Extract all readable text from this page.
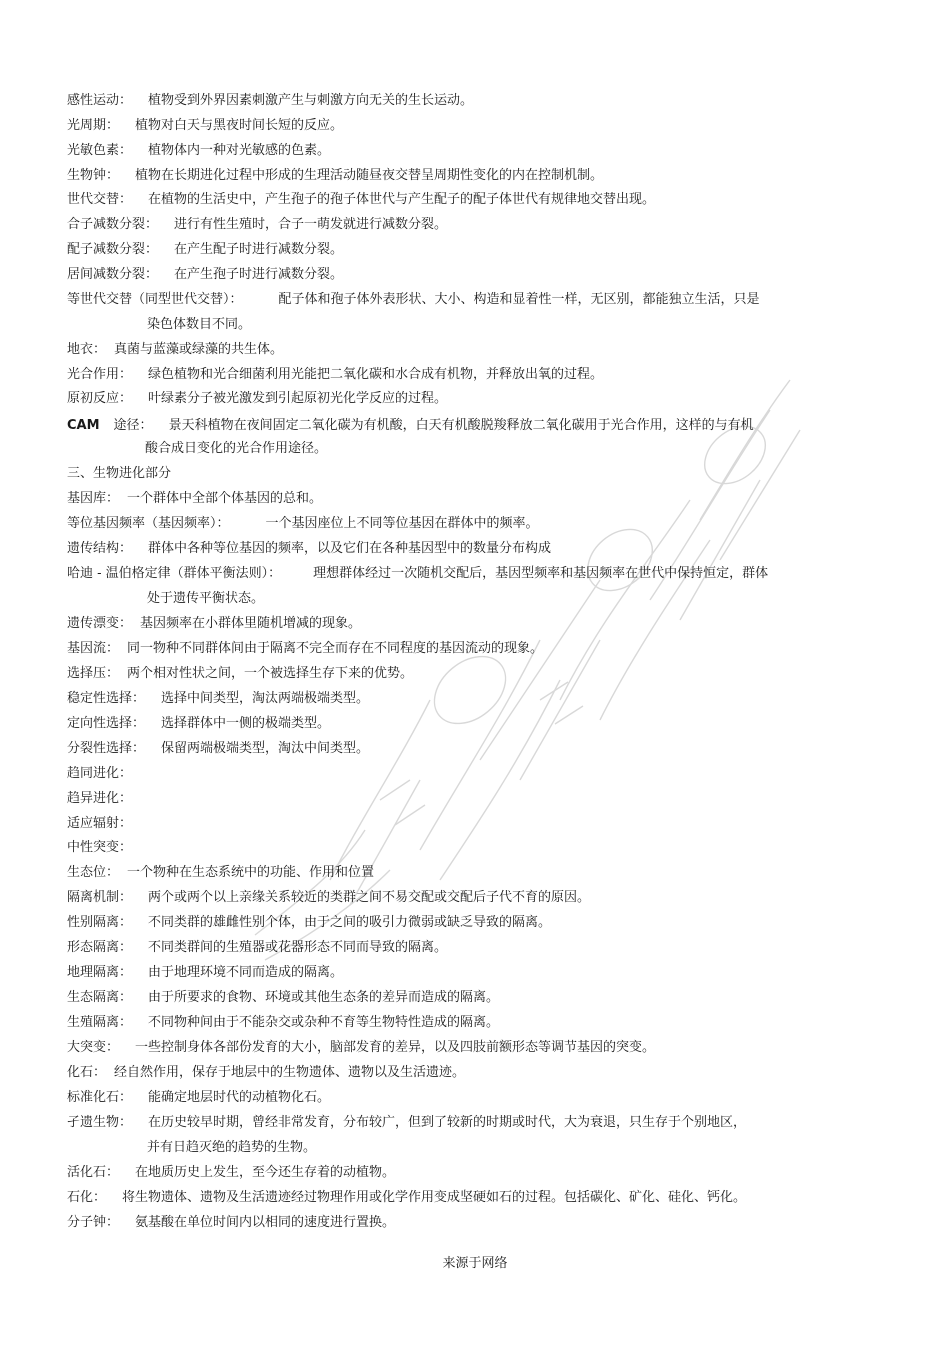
感性运动： 植物受到外界因素刺激产生与刺激方向无关的生长运动。
光周期： 植物对白天与黑夜时间长短的反应。
光敏色素： 植物体内一种对光敏感的色素。
生物钟： 植物在长期进化过程中形成的生理活动随昼夜交替呈周期性变化的内在控制机制。
世代交替： 在植物的生活史中，产生孢子的孢子体世代与产生配子的配子体世代有规律地交替出现。
合子减数分裂： 进行有性生殖时，合子一萌发就进行减数分裂。
配子减数分裂： 在产生配子时进行减数分裂。
居间减数分裂： 在产生孢子时进行减数分裂。
等世代交替（同型世代交替）：	配子体和孢子体外表形状、大小、构造和显着性一样，无区别，都能独立生活，只是
染色体数目不同。
地衣： 真菌与蓝藻或绿藻的共生体。
光合作用： 绿色植物和光合细菌利用光能把二氧化碳和水合成有机物，并释放出氧的过程。
原初反应： 叶绿素分子被光激发到引起原初光化学反应的过程。
CAM 途径： 景天科植物在夜间固定二氧化碳为有机酸，白天有机酸脱羧释放二氧化碳用于光合作用，这样的与有机
酸合成日变化的光合作用途径。
三、生物进化部分
基因库： 一个群体中全部个体基因的总和。
等位基因频率（基因频率）：	一个基因座位上不同等位基因在群体中的频率。
遗传结构： 群体中各种等位基因的频率，以及它们在各种基因型中的数量分布构成
哈迪 - 温伯格定律（群体平衡法则）： 理想群体经过一次随机交配后，基因型频率和基因频率在世代中保持恒定，群体
处于遗传平衡状态。
遗传漂变： 基因频率在小群体里随机增减的现象。
基因流： 同一物种不同群体间由于隔离不完全而存在不同程度的基因流动的现象。
选择压： 两个相对性状之间，一个被选择生存下来的优势。
稳定性选择： 选择中间类型，淘汰两端极端类型。
定向性选择： 选择群体中一侧的极端类型。
分裂性选择： 保留两端极端类型，淘汰中间类型。
趋同进化：
趋异进化：
适应辐射：
中性突变：
生态位： 一个物种在生态系统中的功能、作用和位置
隔离机制： 两个或两个以上亲缘关系较近的类群之间不易交配或交配后子代不育的原因。
性别隔离： 不同类群的雄雌性别个体，由于之间的吸引力微弱或缺乏导致的隔离。
形态隔离： 不同类群间的生殖器或花器形态不同而导致的隔离。
地理隔离： 由于地理环境不同而造成的隔离。
生态隔离： 由于所要求的食物、环境或其他生态条的差异而造成的隔离。
生殖隔离： 不同物种间由于不能杂交或杂种不育等生物特性造成的隔离。
大突变： 一些控制身体各部份发育的大小，脑部发育的差异，以及四肢前额形态等调节基因的突变。
化石： 经自然作用，保存于地层中的生物遗体、遗物以及生活遗迹。
标准化石： 能确定地层时代的动植物化石。
孑遗生物： 在历史较早时期，曾经非常发育，分布较广，但到了较新的时期或时代，大为衰退，只生存于个别地区，
并有日趋灭绝的趋势的生物。
活化石： 在地质历史上发生，至今还生存着的动植物。
石化： 将生物遗体、遗物及生活遗迹经过物理作用或化学作用变成坚硬如石的过程。包括碳化、矿化、硅化、钙化。
分子钟： 氨基酸在单位时间内以相同的速度进行置换。
来源于网络
